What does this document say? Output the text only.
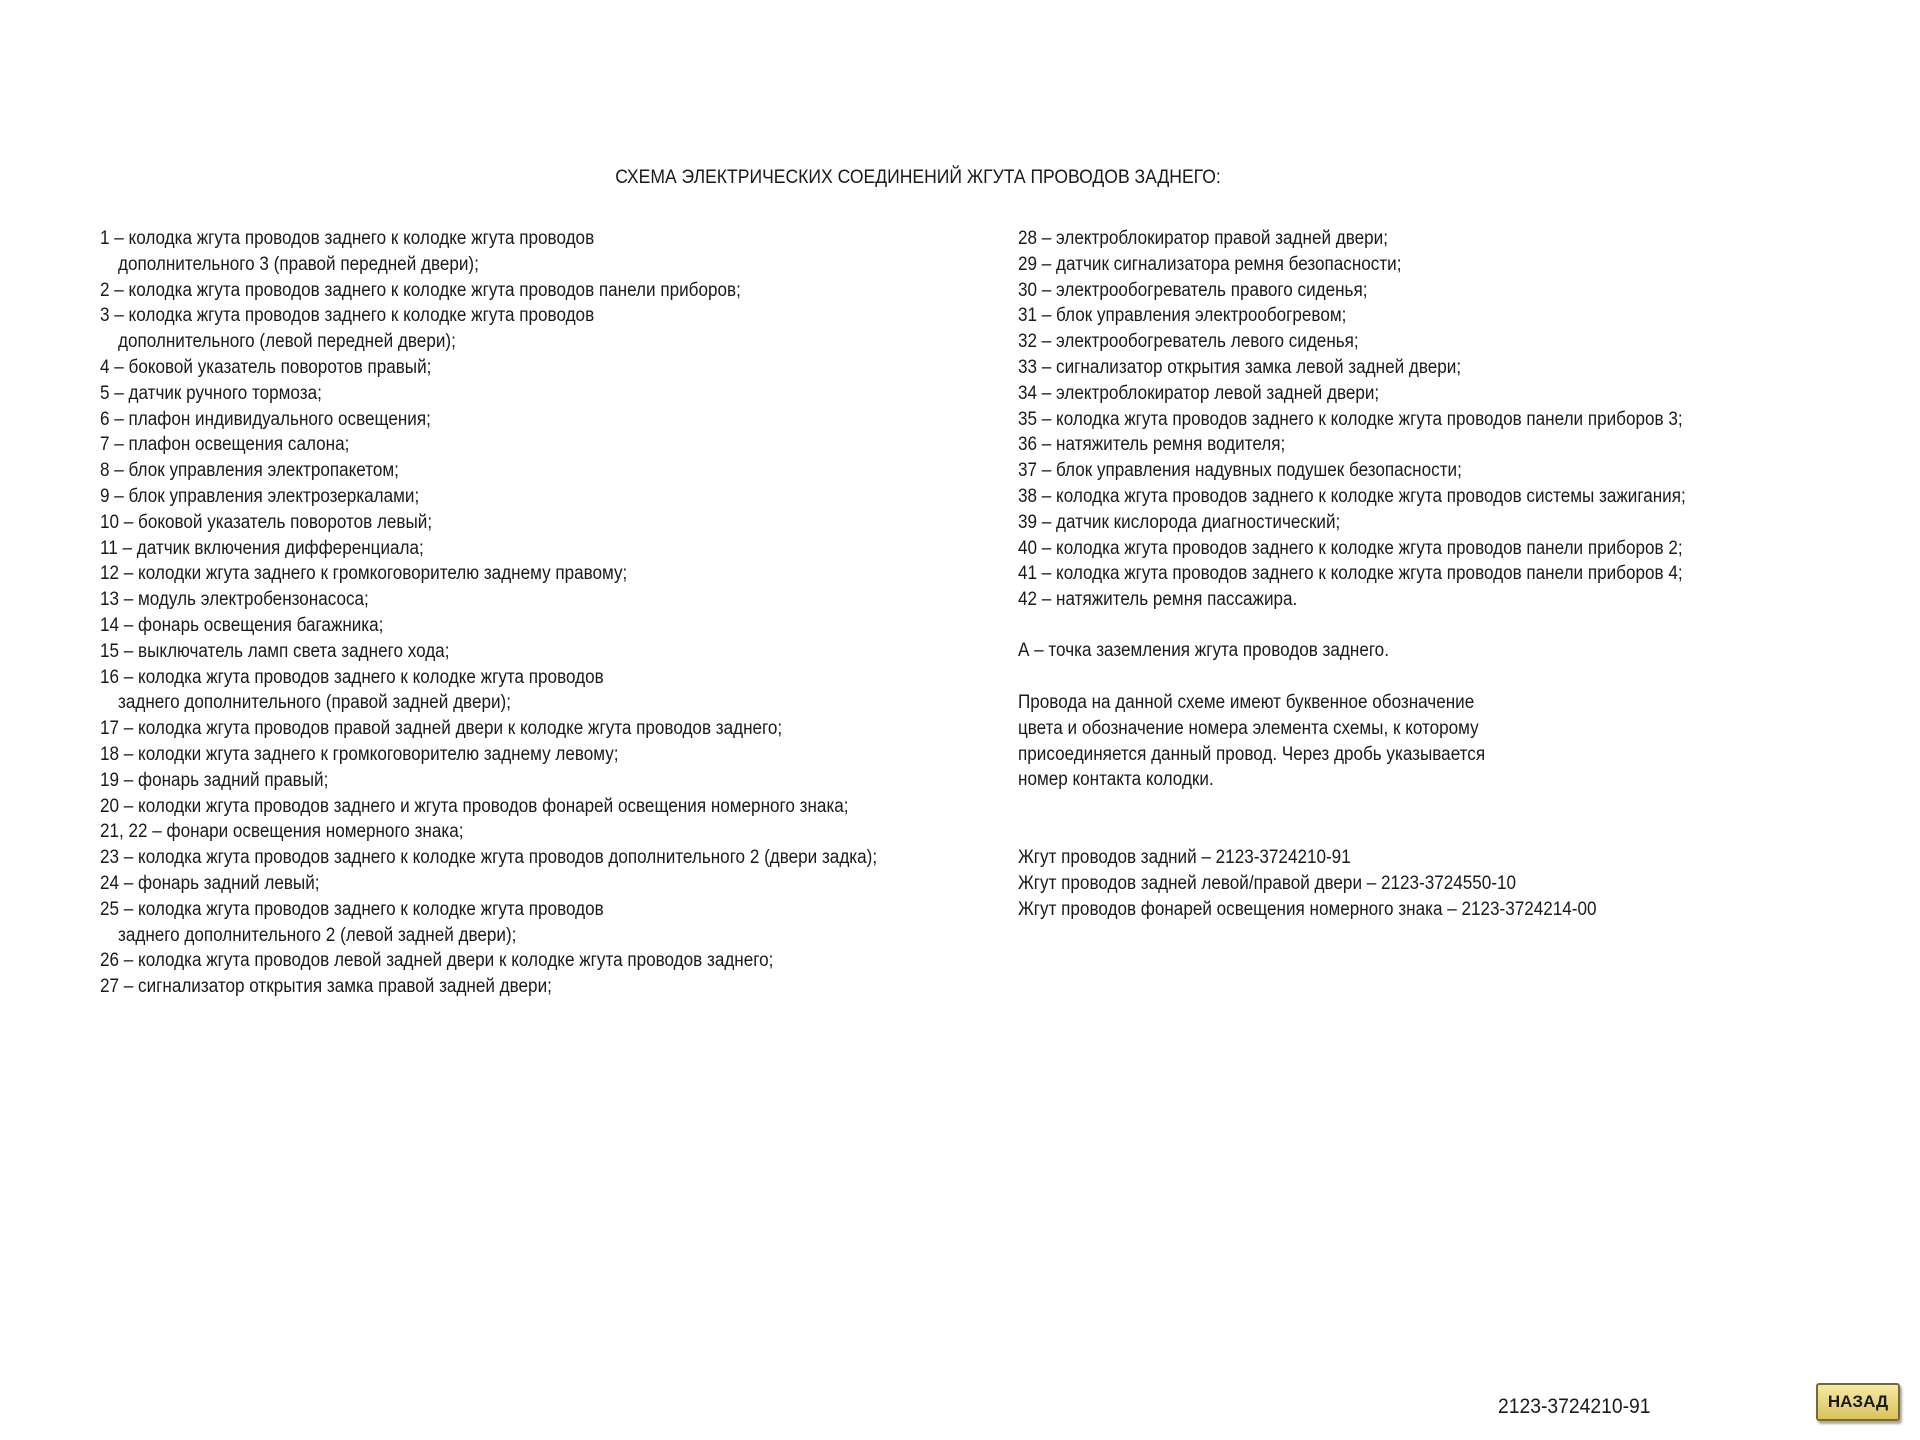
СХЕМА ЭЛЕКТРИЧЕСКИХ СОЕДИНЕНИЙ ЖГУТА ПРОВОДОВ ЗАДНЕГО:
1 – колодка жгута проводов заднего к колодке жгута проводов
дополнительного 3 (правой передней двери);
2 – колодка жгута проводов заднего к колодке жгута проводов панели приборов;
3 – колодка жгута проводов заднего к колодке жгута проводов
дополнительного (левой передней двери);
4 – боковой указатель поворотов правый;
5 – датчик ручного тормоза;
6 – плафон индивидуального освещения;
7 – плафон освещения салона;
8 – блок управления электропакетом;
9 – блок управления электрозеркалами;
10 – боковой указатель поворотов левый;
11 – датчик включения дифференциала;
12 – колодки жгута заднего к громкоговорителю заднему правому;
13 – модуль электробензонасоса;
14 – фонарь освещения багажника;
15 – выключатель ламп света заднего хода;
16 – колодка жгута проводов заднего к колодке жгута проводов
заднего дополнительного (правой задней двери);
17 – колодка жгута проводов правой задней двери к колодке жгута проводов заднего;
18 – колодки жгута заднего к громкоговорителю заднему левому;
19 – фонарь задний правый;
20 – колодки жгута проводов заднего и жгута проводов фонарей освещения номерного знака;
21, 22 – фонари освещения номерного знака;
23 – колодка жгута проводов заднего к колодке жгута проводов дополнительного 2 (двери задка);
24 – фонарь задний левый;
25 – колодка жгута проводов заднего к колодке жгута проводов
заднего дополнительного 2 (левой задней двери);
26 – колодка жгута проводов левой задней двери к колодке жгута проводов заднего;
27 – сигнализатор открытия замка правой задней двери;
28 – электроблокиратор правой задней двери;
29 – датчик сигнализатора ремня безопасности;
30 – электрообогреватель правого сиденья;
31 – блок управления электрообогревом;
32 – электрообогреватель левого сиденья;
33 – сигнализатор открытия замка левой задней двери;
34 – электроблокиратор левой задней двери;
35 – колодка жгута проводов заднего к колодке жгута проводов панели приборов 3;
36 – натяжитель ремня водителя;
37 – блок управления надувных подушек безопасности;
38 – колодка жгута проводов заднего к колодке жгута проводов системы зажигания;
39 – датчик кислорода диагностический;
40 – колодка жгута проводов заднего к колодке жгута проводов панели приборов 2;
41 – колодка жгута проводов заднего к колодке жгута проводов панели приборов 4;
42 – натяжитель ремня пассажира.
А – точка заземления жгута проводов заднего.
Провода на данной схеме имеют буквенное обозначение
цвета и обозначение номера элемента схемы, к которому
присоединяется данный провод. Через дробь указывается
номер контакта колодки.
Жгут проводов задний – 2123-3724210-91
Жгут проводов задней левой/правой двери – 2123-3724550-10
Жгут проводов фонарей освещения номерного знака – 2123-3724214-00
2123-3724210-91	НАЗАД
